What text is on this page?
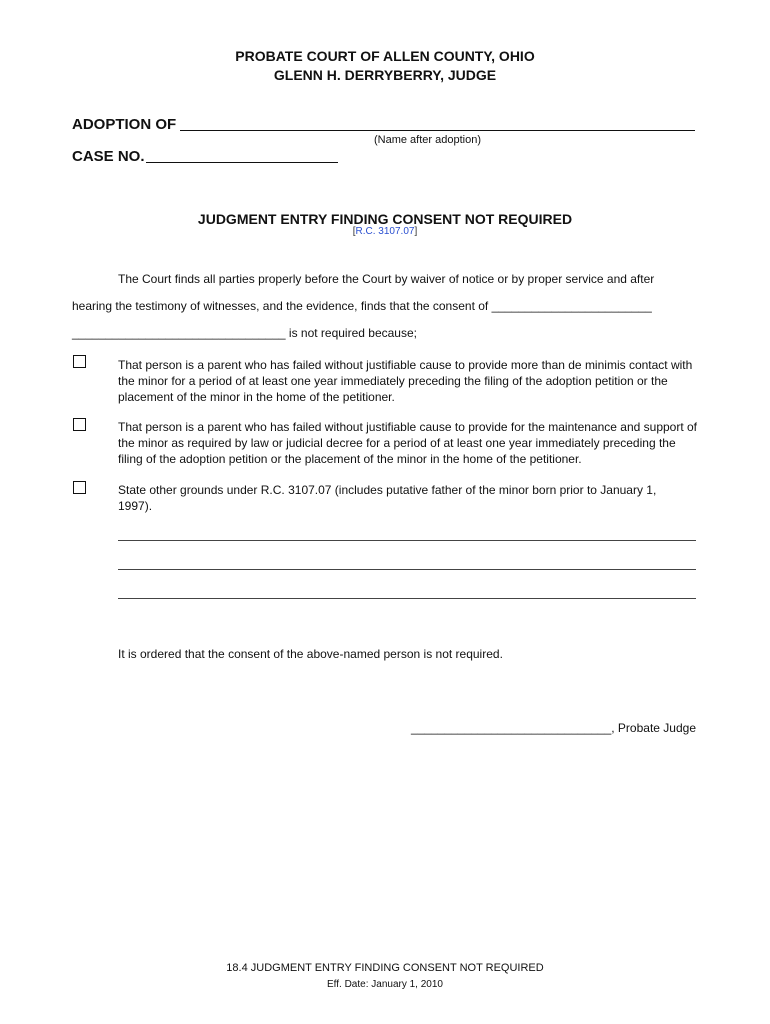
PROBATE COURT OF ALLEN COUNTY, OHIO
GLENN H. DERRYBERRY, JUDGE
ADOPTION OF
(Name after adoption)
CASE NO.
JUDGMENT ENTRY FINDING CONSENT NOT REQUIRED
[R.C. 3107.07]
The Court finds all parties properly before the Court by waiver of notice or by proper service and after
hearing the testimony of witnesses, and the evidence, finds that the consent of ________________________
________________________________ is not required because;
That person is a parent who has failed without justifiable cause to provide more than de minimis contact with the minor for a period of at least one year immediately preceding the filing of the adoption petition or the placement of the minor in the home of the petitioner.
That person is a parent who has failed without justifiable cause to provide for the maintenance and support of the minor as required by law or judicial decree for a period of at least one year immediately preceding the filing of the adoption petition or the placement of the minor in the home of the petitioner.
State other grounds under R.C. 3107.07 (includes putative father of the minor born prior to January 1, 1997).
It is ordered that the consent of the above-named person is not required.
______________________________, Probate Judge
18.4 JUDGMENT ENTRY FINDING CONSENT NOT REQUIRED
Eff. Date: January 1, 2010
